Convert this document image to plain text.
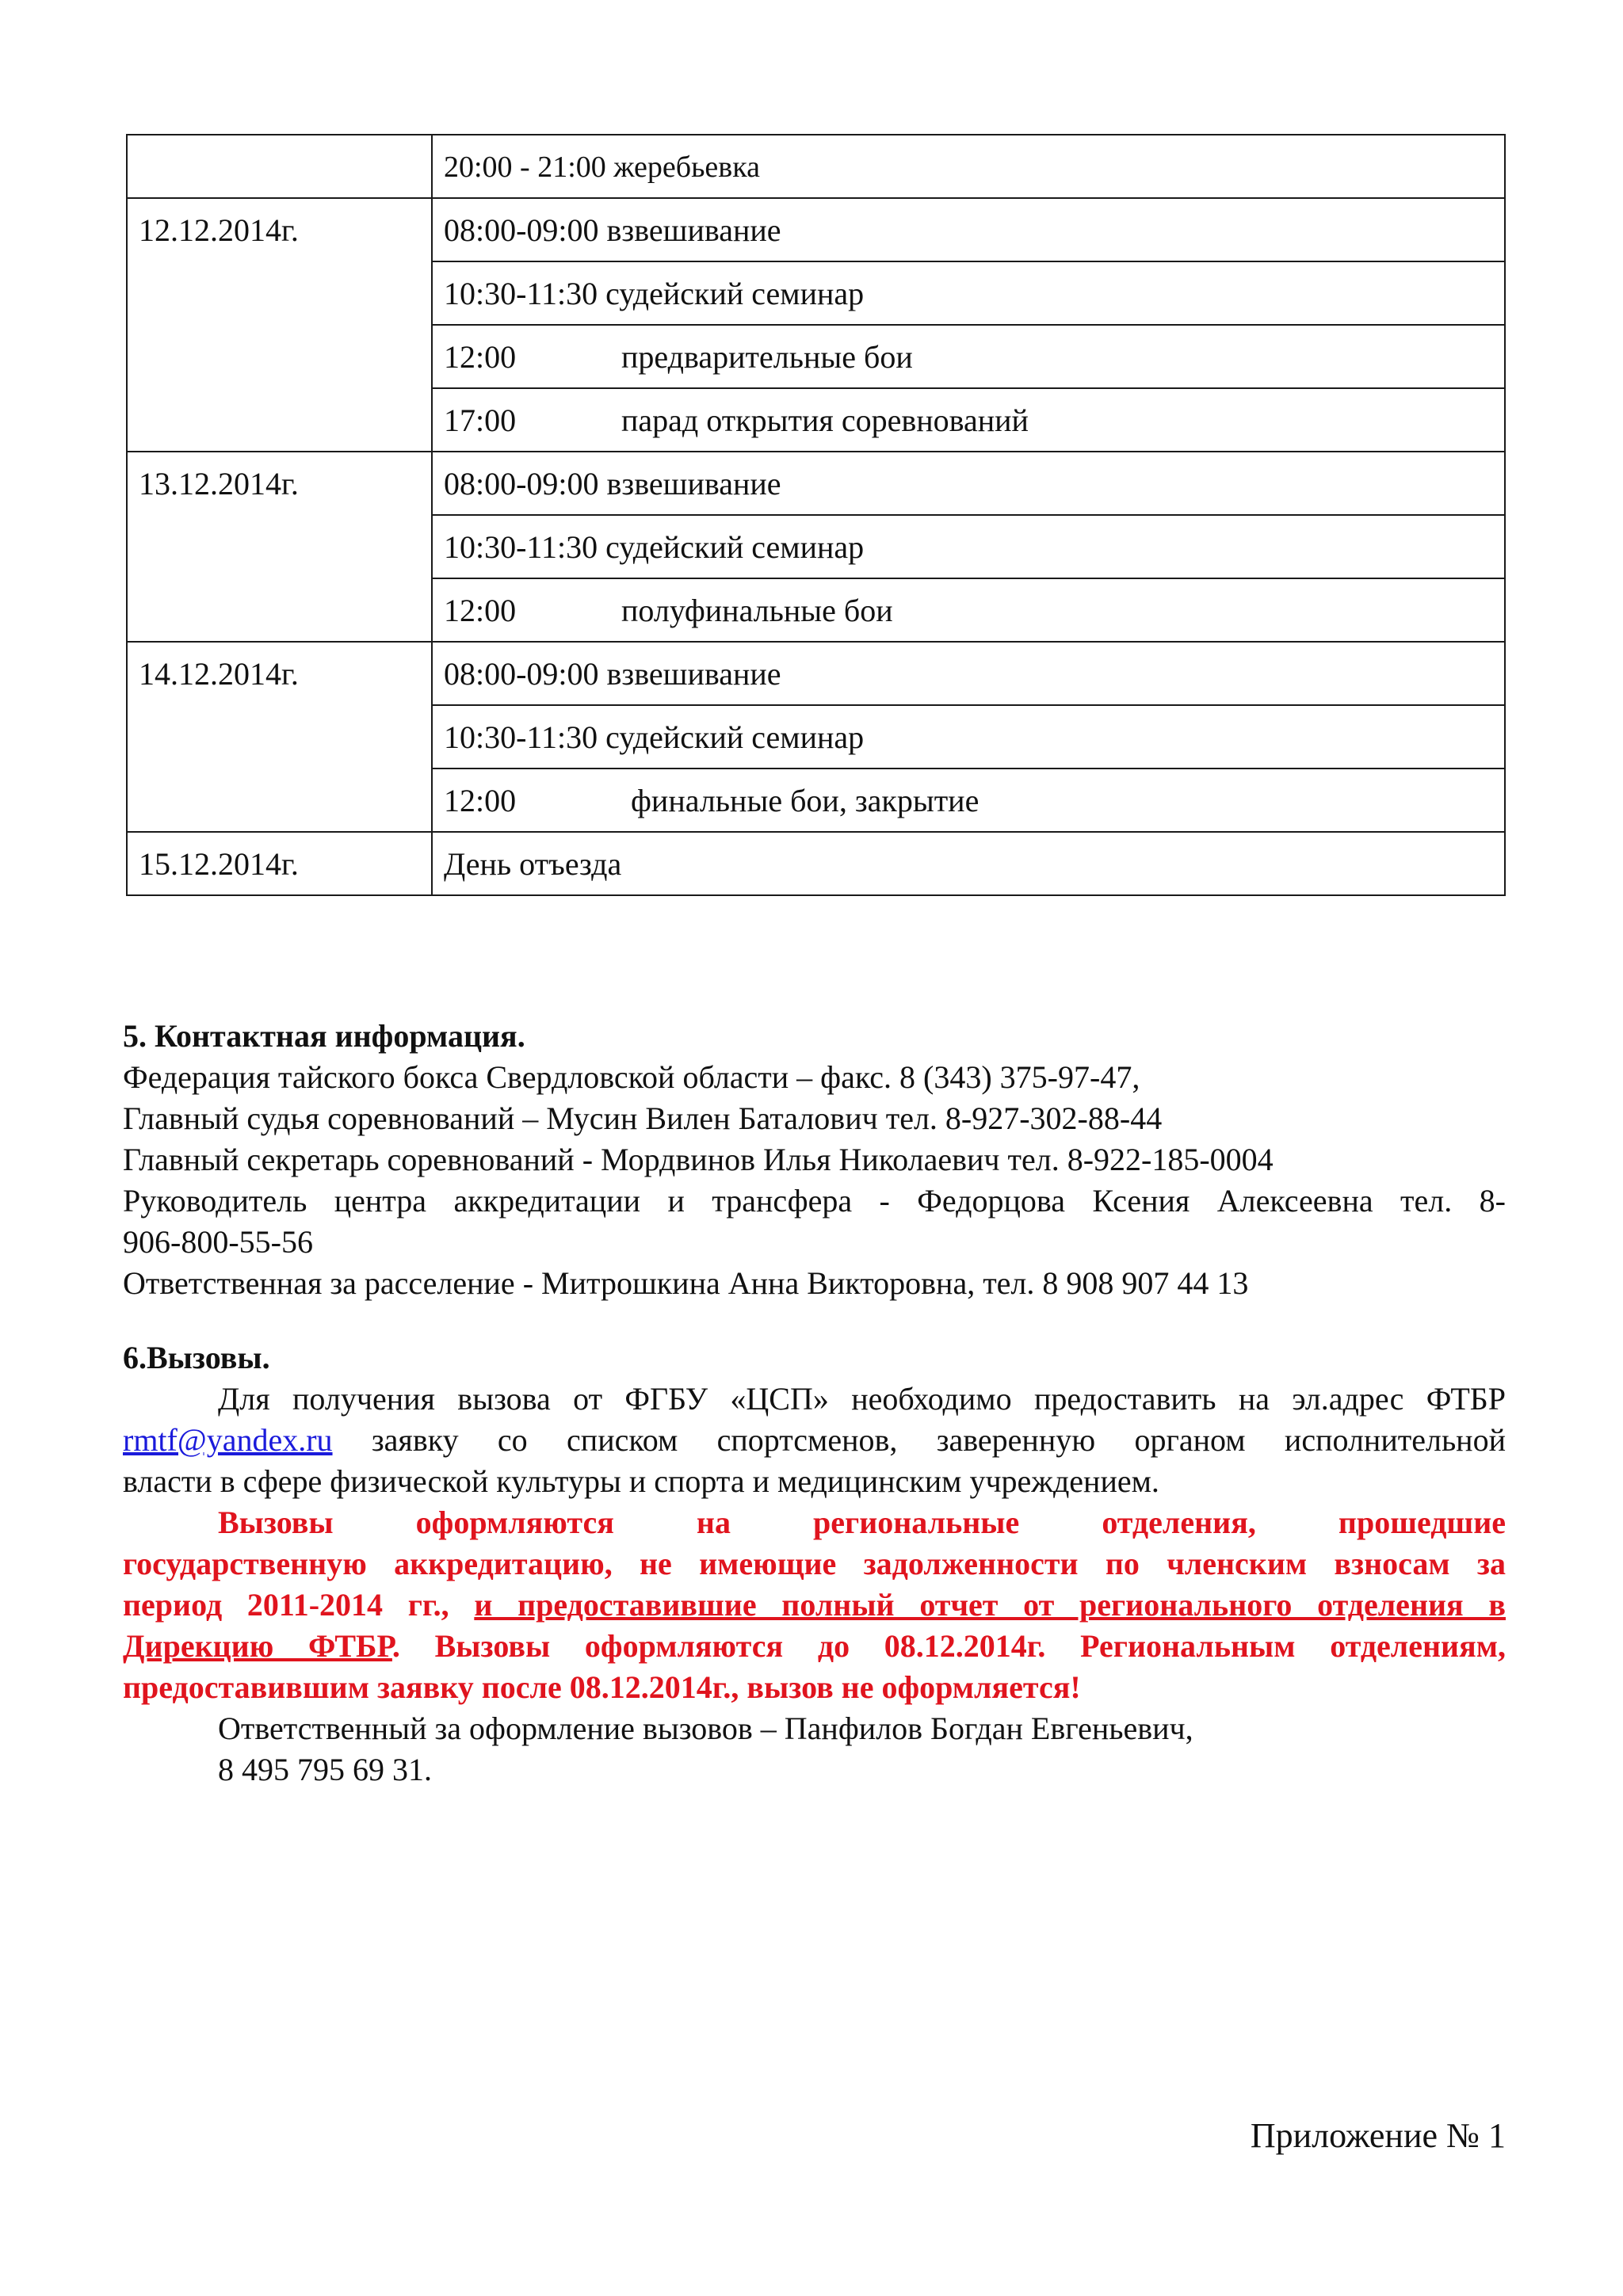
	20:00 - 21:00 жеребьевка
12.12.2014г.	08:00-09:00 взвешивание
	10:30-11:30 судейский семинар
	12:00 предварительные бои
	17:00 парад открытия соревнований
13.12.2014г.	08:00-09:00 взвешивание
	10:30-11:30 судейский семинар
	12:00 полуфинальные бои
14.12.2014г.	08:00-09:00 взвешивание
	10:30-11:30 судейский семинар
	12:00 финальные бои, закрытие
15.12.2014г.	День отъезда
5. Контактная информация.
Федерация тайского бокса Свердловской области – факс. 8 (343) 375-97-47,
Главный судья соревнований – Мусин Вилен Баталович тел. 8-927-302-88-44
Главный секретарь соревнований - Мордвинов Илья Николаевич тел. 8-922-185-0004
Руководитель центра аккредитации и трансфера - Федорцова Ксения Алексеевна тел. 8-
906-800-55-56
Ответственная за расселение - Митрошкина Анна Викторовна, тел. 8 908 907 44 13
6.Вызовы.
Для получения вызова от ФГБУ «ЦСП» необходимо предоставить на эл.адрес ФТБР
rmtf@yandex.ru заявку со списком спортсменов, заверенную органом исполнительной
власти в сфере физической культуры и спорта и медицинским учреждением.
Вызовы оформляются на региональные отделения, прошедшие
государственную аккредитацию, не имеющие задолженности по членским взносам за
период 2011-2014 гг., и предоставившие полный отчет от регионального отделения в
Дирекцию ФТБР. Вызовы оформляются до 08.12.2014г. Региональным отделениям,
предоставившим заявку после 08.12.2014г., вызов не оформляется!
Ответственный за оформление вызовов – Панфилов Богдан Евгеньевич,
8 495 795 69 31.
Приложение № 1
